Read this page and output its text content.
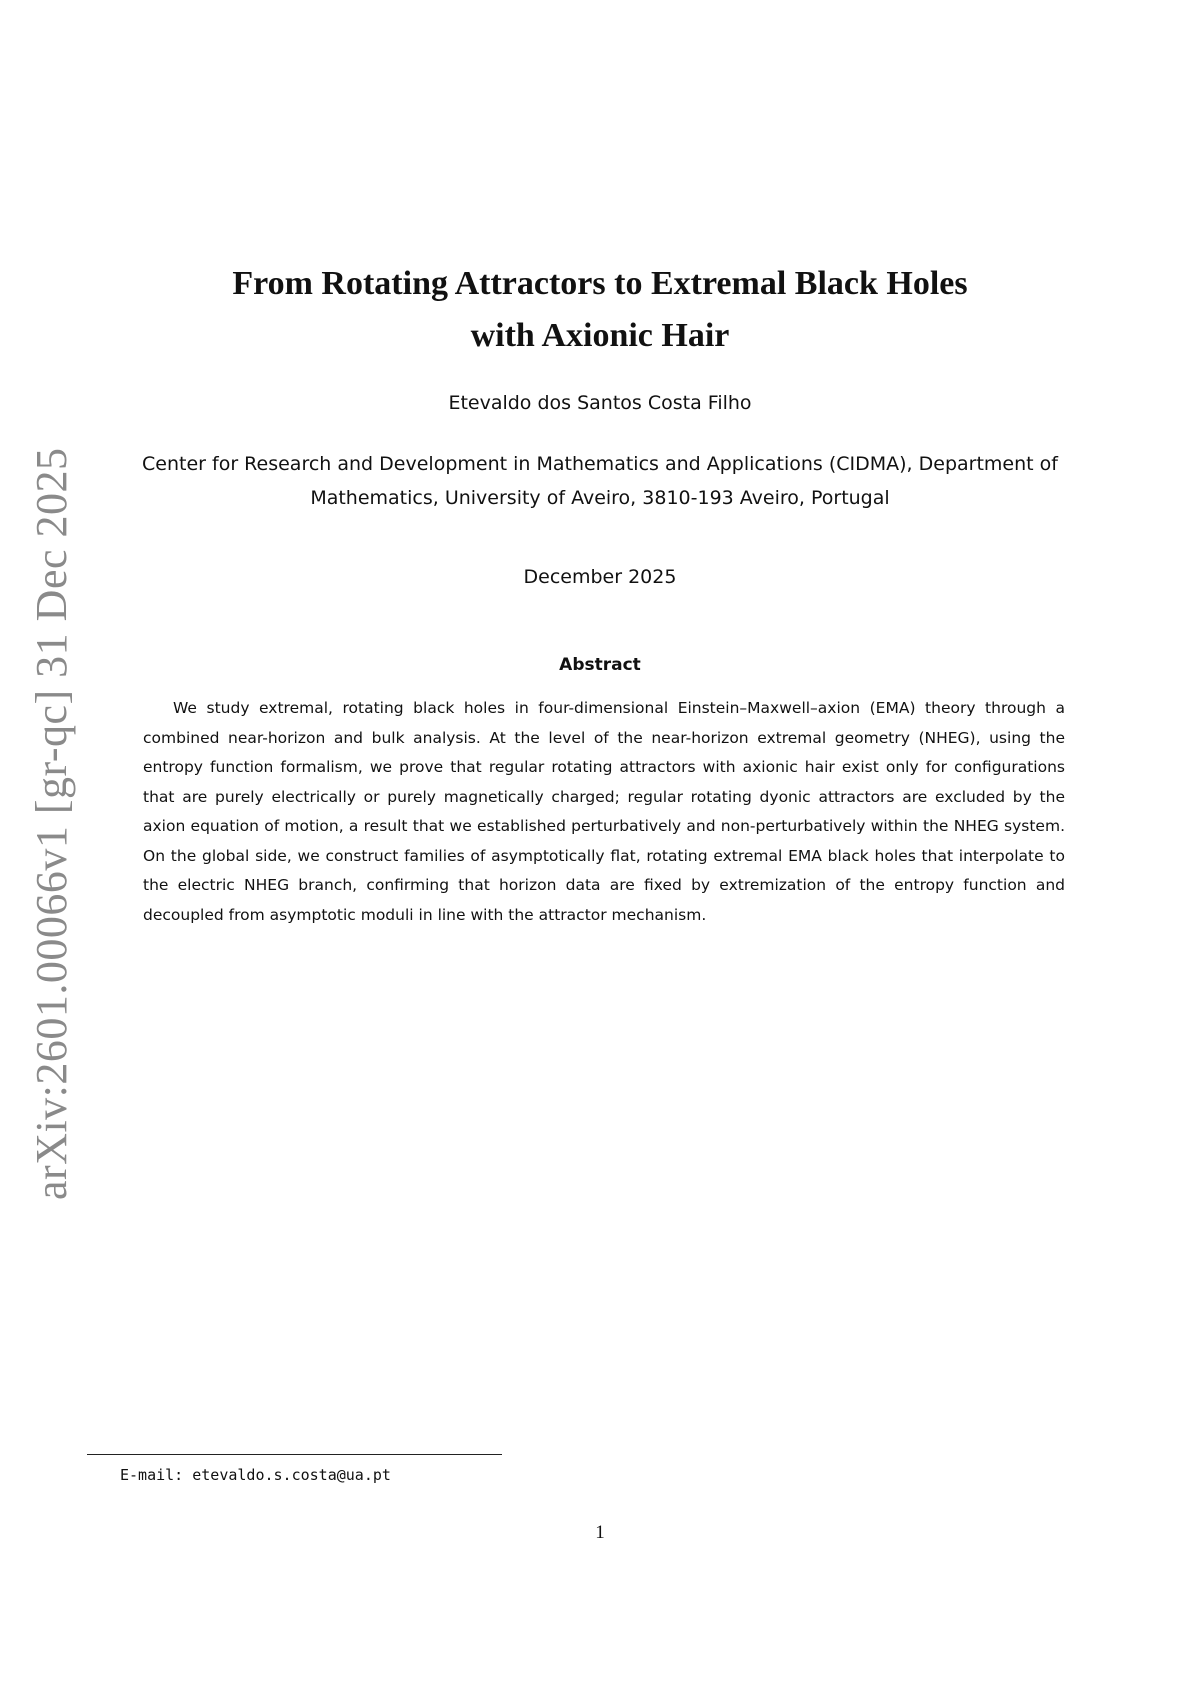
arXiv:2601.00066v1 [gr-qc] 31 Dec 2025
From Rotating Attractors to Extremal Black Holes
with Axionic Hair

Etevaldo dos Santos Costa Filho

Center for Research and Development in Mathematics and Applications (CIDMA), Department of
Mathematics, University of Aveiro, 3810-193 Aveiro, Portugal

December 2025

Abstract

We study extremal, rotating black holes in four-dimensional Einstein–Maxwell–axion (EMA) theory through a combined near-horizon and bulk analysis. At the level of the near-horizon extremal geometry (NHEG), using the entropy function formalism, we prove that regular rotating attractors with axionic hair exist only for configurations that are purely electrically or purely magnetically charged; regular rotating dyonic attractors are excluded by the axion equation of motion, a result that we established perturbatively and non-perturbatively within the NHEG system. On the global side, we construct families of asymptotically flat, rotating extremal EMA black holes that interpolate to the electric NHEG branch, confirming that horizon data are fixed by extremization of the entropy function and decoupled from asymptotic moduli in line with the attractor mechanism.

E-mail: etevaldo.s.costa@ua.pt

1
